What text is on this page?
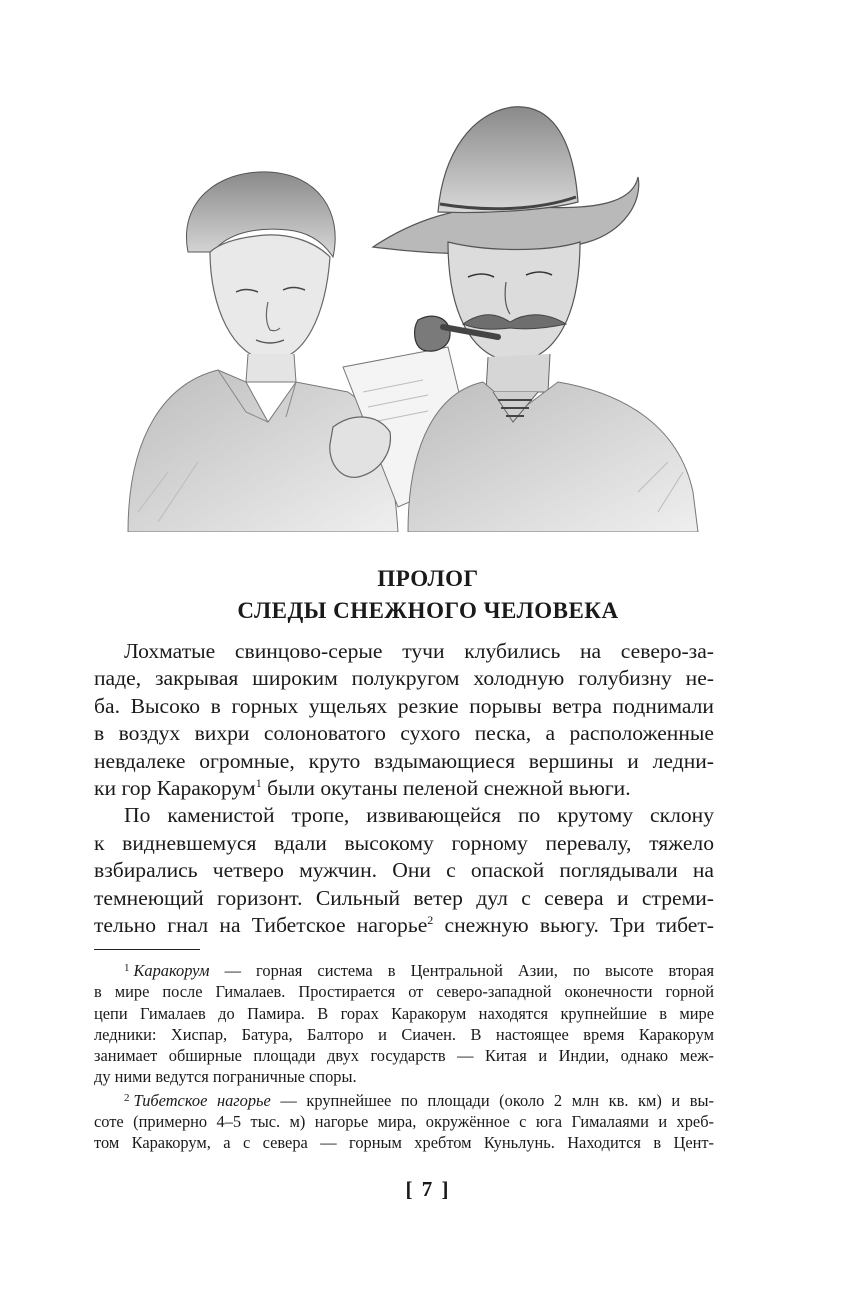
ПРОЛОГ
СЛЕДЫ СНЕЖНОГО ЧЕЛОВЕКА
Лохматые свинцово-серые тучи клубились на северо-за-
паде, закрывая широким полукругом холодную голубизну не-
ба. Высоко в горных ущельях резкие порывы ветра поднимали
в воздух вихри солоноватого сухого песка, а расположенные
невдалеке огромные, круто вздымающиеся вершины и ледни-
ки гор Каракорум$^1$ были окутаны пеленой снежной вьюги.
По каменистой тропе, извивающейся по крутому склону
к видневшемуся вдали высокому горному перевалу, тяжело
взбирались четверо мужчин. Они с опаской поглядывали на
темнеющий горизонт. Сильный ветер дул с севера и стреми-
тельно гнал на Тибетское нагорье$^2$ снежную вьюгу. Три тибет-
$^1$ Каракорум — горная система в Центральной Азии, по высоте вторая
в мире после Гималаев. Простирается от северо-западной оконечности горной
цепи Гималаев до Памира. В горах Каракорум находятся крупнейшие в мире
ледники: Хиспар, Батура, Балторо и Сиачен. В настоящее время Каракорум
занимает обширные площади двух государств — Китая и Индии, однако меж-
ду ними ведутся пограничные споры.
$^2$ Тибетское нагорье — крупнейшее по площади (около 2 млн кв. км) и вы-
соте (примерно 4–5 тыс. м) нагорье мира, окружённое с юга Гималаями и хреб-
том Каракорум, а с севера — горным хребтом Куньлунь. Находится в Цент-
[ 7 ]
